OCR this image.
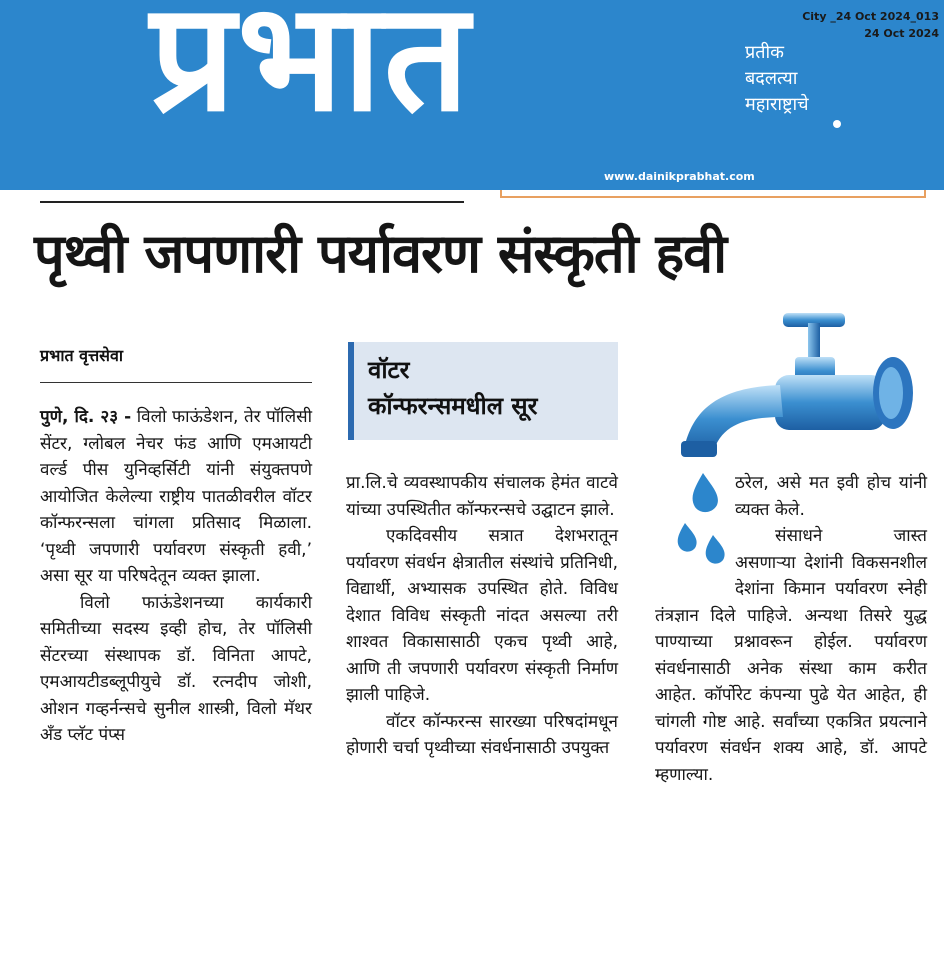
प्रभात	प्रतीक
बदलत्या
महाराष्ट्राचे
www.dainikprabhat.com
City _24 Oct 2024_013
24 Oct 2024
पृथ्वी जपणारी पर्यावरण संस्कृती हवी
प्रभात वृत्तसेवा
वॉटर
कॉन्फरन्समधील सूर

पुणे, दि. २३ - विलो फाऊंडेशन, तेर पॉलिसी सेंटर, ग्लोबल नेचर फंड आणि एमआयटी वर्ल्ड पीस युनिव्हर्सिटी यांनी संयुक्तपणे आयोजित केलेल्या राष्ट्रीय पातळीवरील वॉटर कॉन्फरन्सला चांगला प्रतिसाद मिळाला. ‘पृथ्वी जपणारी पर्यावरण संस्कृती हवी,’ असा सूर या परिषदेतून व्यक्त झाला.

विलो फाऊंडेशनच्या कार्यकारी समितीच्या सदस्य इव्ही होच, तेर पॉलिसी सेंटरच्या संस्थापक डॉ. विनिता आपटे, एमआयटीडब्लूपीयुचे डॉ. रत्नदीप जोशी, ओशन गव्हर्नन्सचे सुनील शास्त्री, विलो मॅथर अँड प्लॅट पंप्स

प्रा.लि.चे व्यवस्थापकीय संचालक हेमंत वाटवे यांच्या उपस्थितीत कॉन्फरन्सचे उद्घाटन झाले.

एकदिवसीय सत्रात देशभरातून पर्यावरण संवर्धन क्षेत्रातील संस्थांचे प्रतिनिधी, विद्यार्थी, अभ्यासक उपस्थित होते. विविध देशात विविध संस्कृती नांदत असल्या तरी शाश्वत विकासासाठी एकच पृथ्वी आहे, आणि ती जपणारी पर्यावरण संस्कृती निर्माण झाली पाहिजे.

वॉटर कॉन्फरन्स सारख्या परिषदांमधून होणारी चर्चा पृथ्वीच्या संवर्धनासाठी उपयुक्त

ठरेल, असे मत इवी होच यांनी व्यक्त केले.

संसाधने जास्त असणाऱ्या देशांनी विकसनशील देशांना किमान पर्यावरण स्नेही तंत्रज्ञान दिले पाहिजे. अन्यथा तिसरे युद्ध पाण्याच्या प्रश्नावरून होईल. पर्यावरण संवर्धनासाठी अनेक संस्था काम करीत आहेत. कॉर्पोरेट कंपन्या पुढे येत आहेत, ही चांगली गोष्ट आहे. सर्वांच्या एकत्रित प्रयत्नाने पर्यावरण संवर्धन शक्य आहे, डॉ. आपटे म्हणाल्या.
